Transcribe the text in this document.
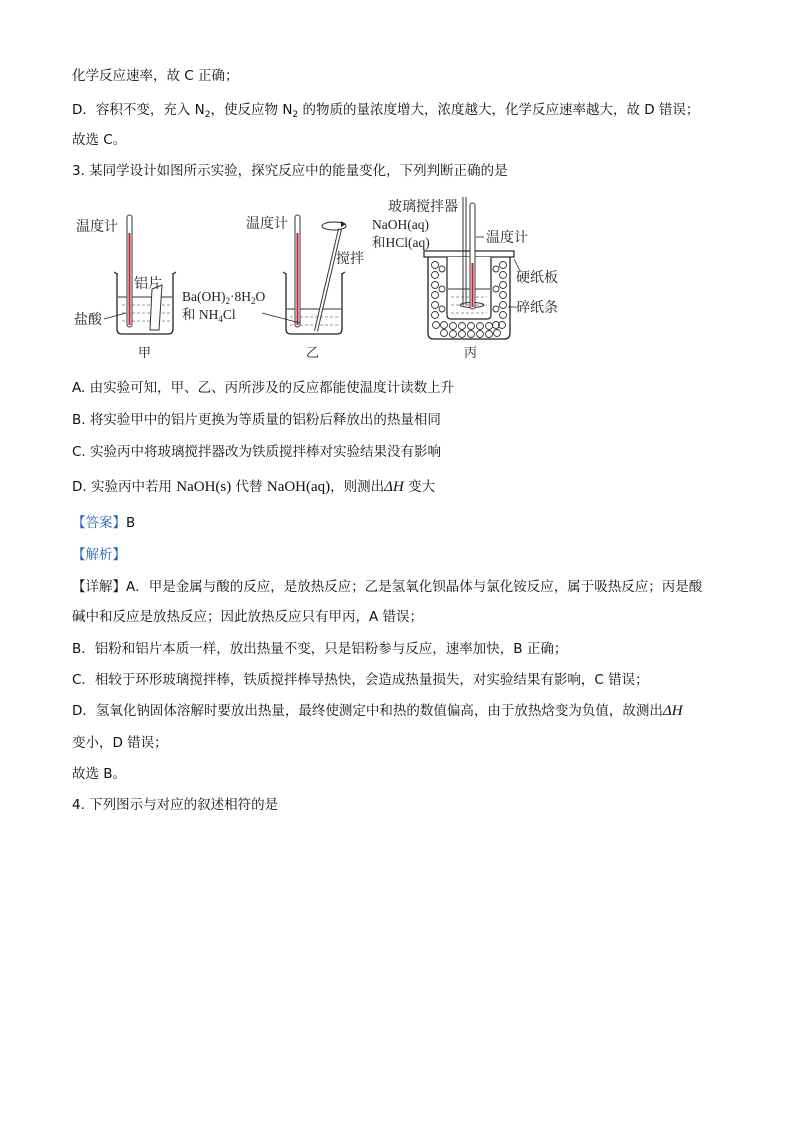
化学反应速率，故 C 正确；
D．容积不变，充入 $N_2$，使反应物 $N_2$ 的物质的量浓度增大，浓度越大，化学反应速率越大，故 D 错误；
故选 C。
3. 某同学设计如图所示实验，探究反应中的能量变化，下列判断正确的是
温度计
铝片
盐酸
甲
温度计
搅拌
$Ba(OH)_2\cdot 8H_2O$
和 $NH_4Cl$
乙
玻璃搅拌器
NaOH(aq)
和HCl(aq)	温度计
硬纸板
碎纸条
丙
A. 由实验可知，甲、乙、丙所涉及的反应都能使温度计读数上升
B. 将实验甲中的铝片更换为等质量的铝粉后释放出的热量相同
C. 实验丙中将玻璃搅拌器改为铁质搅拌棒对实验结果没有影响
D. 实验丙中若用 NaOH(s) 代替 NaOH(aq)，则测出ΔH 变大
【答案】B
【解析】
【详解】A．甲是金属与酸的反应，是放热反应；乙是氢氧化钡晶体与氯化铵反应，属于吸热反应；丙是酸
碱中和反应是放热反应；因此放热反应只有甲丙，A 错误；
B．铝粉和铝片本质一样，放出热量不变，只是铝粉参与反应，速率加快，B 正确；
C．相较于环形玻璃搅拌棒，铁质搅拌棒导热快，会造成热量损失，对实验结果有影响，C 错误；
D．氢氧化钠固体溶解时要放出热量，最终使测定中和热的数值偏高，由于放热焓变为负值，故测出ΔH
变小，D 错误；
故选 B。
4. 下列图示与对应的叙述相符的是
